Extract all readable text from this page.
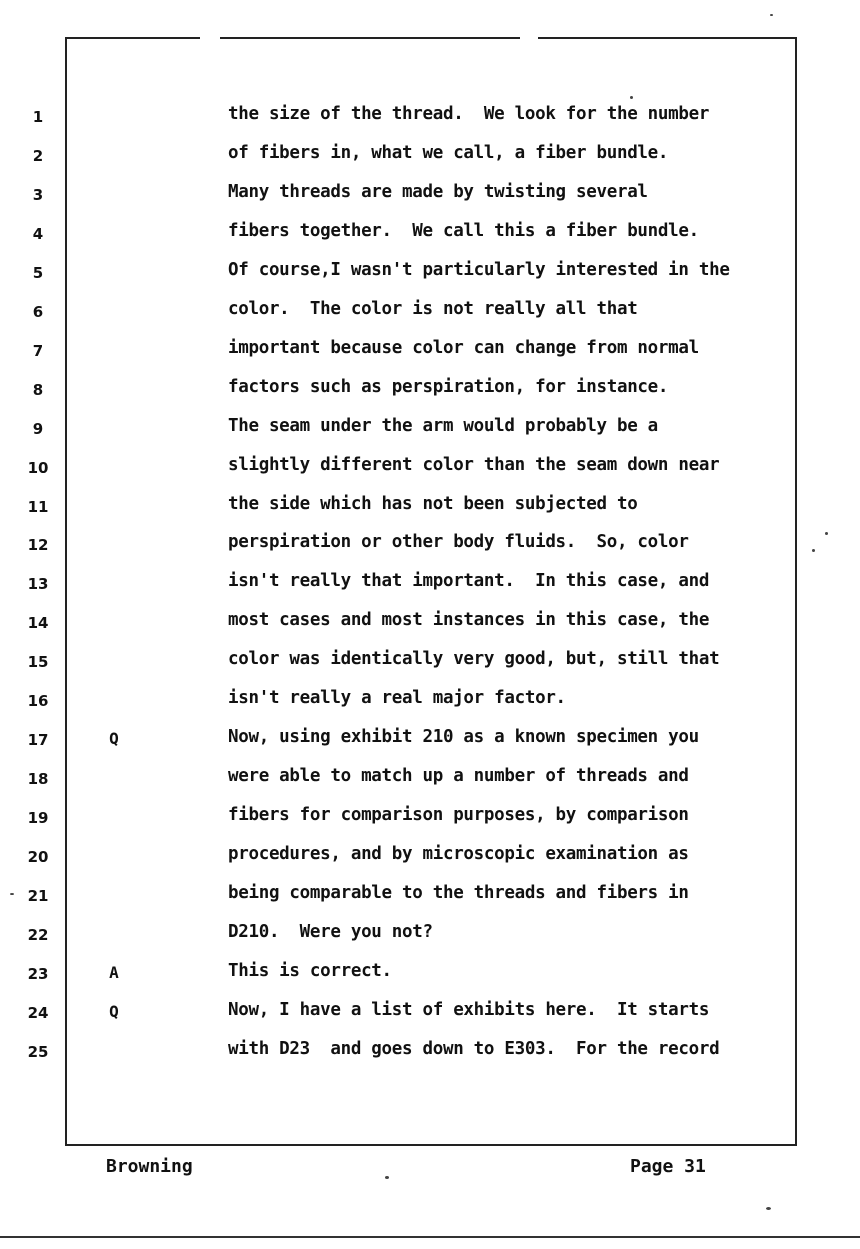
1	the size of the thread.  We look for the number
2	of fibers in, what we call, a fiber bundle.
3	Many threads are made by twisting several
4	fibers together.  We call this a fiber bundle.
5	Of course,I wasn't particularly interested in the
6	color.  The color is not really all that
7	important because color can change from normal
8	factors such as perspiration, for instance.
9	The seam under the arm would probably be a
10	slightly different color than the seam down near
11	the side which has not been subjected to
12	perspiration or other body fluids.  So, color
13	isn't really that important.  In this case, and
14	most cases and most instances in this case, the
15	color was identically very good, but, still that
16	isn't really a real major factor.
17	Q	Now, using exhibit 210 as a known specimen you
18	were able to match up a number of threads and
19	fibers for comparison purposes, by comparison
20	procedures, and by microscopic examination as
21	being comparable to the threads and fibers in
22	D210.  Were you not?
23	A	This is correct.
24	Q	Now, I have a list of exhibits here.  It starts
25	with D23  and goes down to E303.  For the record
Browning	Page 31
